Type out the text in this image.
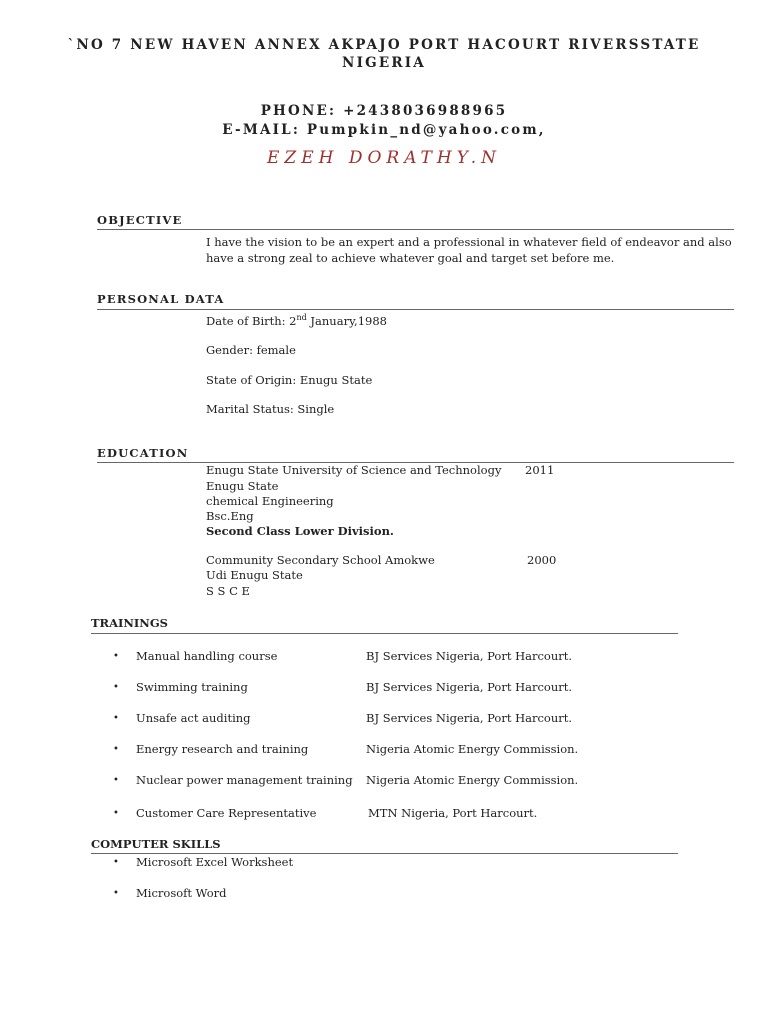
`NO 7 NEW HAVEN ANNEX AKPAJO PORT HACOURT RIVERSSTATE
NIGERIA
PHONE: +2438036988965
E-MAIL: Pumpkin_nd@yahoo.com,
EZEH DORATHY.N
OBJECTIVE
I have the vision to be an expert and a professional in whatever field of endeavor and also have a strong zeal to achieve whatever goal and target set before me.
PERSONAL DATA
Date of Birth: 2nd January,1988
Gender: female
State of Origin: Enugu State
Marital Status: Single
EDUCATION
Enugu State University of Science and Technology 2011
Enugu State
chemical Engineering
Bsc.Eng
Second Class Lower Division.
Community Secondary School Amokwe	2000
Udi Enugu State
S S C E
TRAININGS
• Manual handling course	BJ Services Nigeria, Port Harcourt.
• Swimming training	BJ Services Nigeria, Port Harcourt.
• Unsafe act auditing	BJ Services Nigeria, Port Harcourt.
• Energy research and training	Nigeria Atomic Energy Commission.
• Nuclear power management training Nigeria Atomic Energy Commission.
• Customer Care Representative	MTN Nigeria, Port Harcourt.
COMPUTER SKILLS
• Microsoft Excel Worksheet
• Microsoft Word
